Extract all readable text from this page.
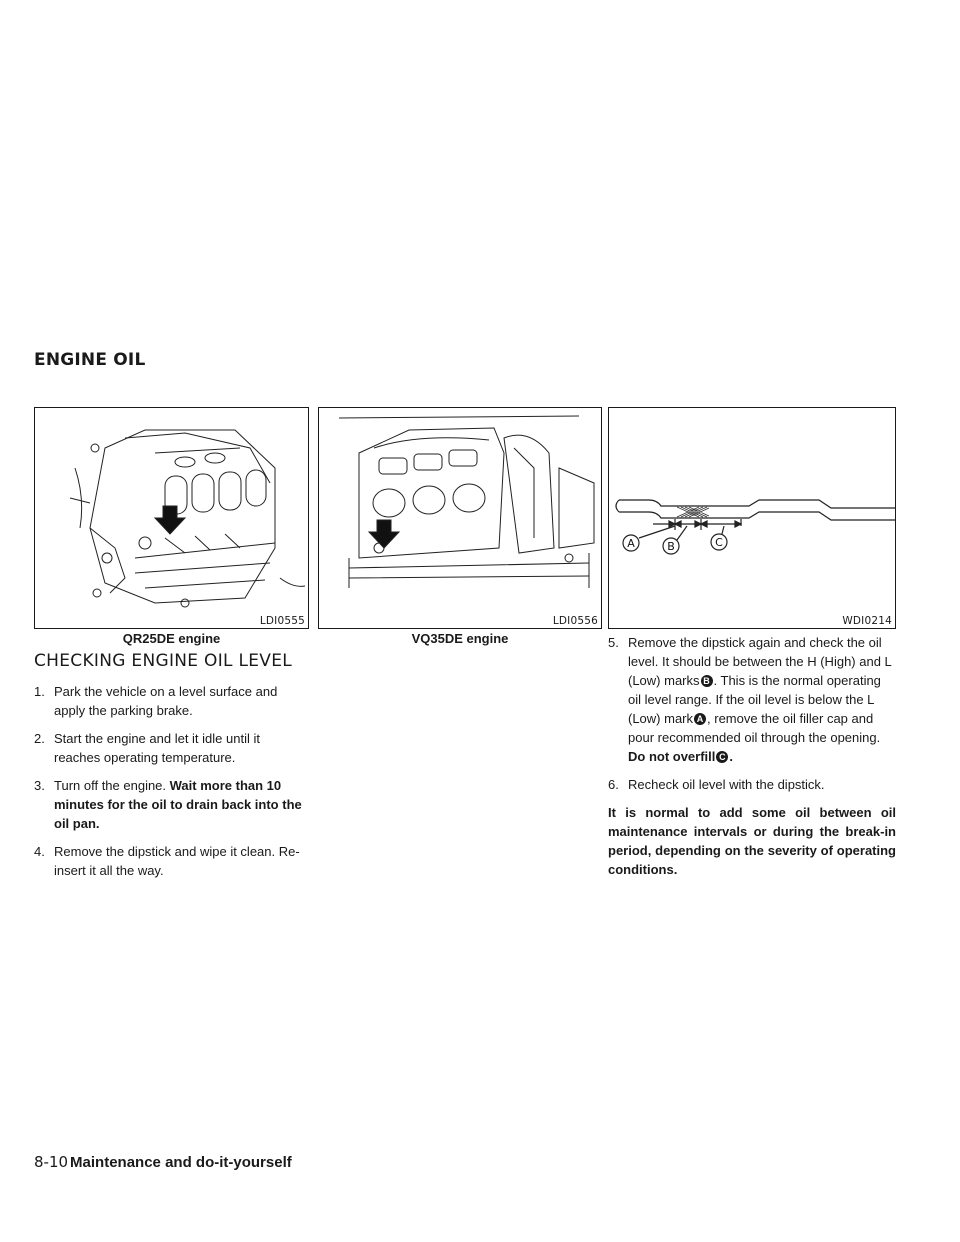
ENGINE OIL
LDI0555
QR25DE engine
LDI0556
VQ35DE engine
A	B	C
WDI0214
CHECKING ENGINE OIL LEVEL
1. Park the vehicle on a level surface and apply the parking brake.
2. Start the engine and let it idle until it reaches operating temperature.
3. Turn off the engine. Wait more than 10 minutes for the oil to drain back into the oil pan.
4. Remove the dipstick and wipe it clean. Re-insert it all the way.
5. Remove the dipstick again and check the oil level. It should be between the H (High) and L (Low) marks B . This is the normal operating oil level range. If the oil level is below the L (Low) mark A , remove the oil filler cap and pour recommended oil through the opening. Do not overfill C .
6. Recheck oil level with the dipstick.
It is normal to add some oil between oil maintenance intervals or during the break-in period, depending on the severity of operating conditions.
8-10 Maintenance and do-it-yourself
